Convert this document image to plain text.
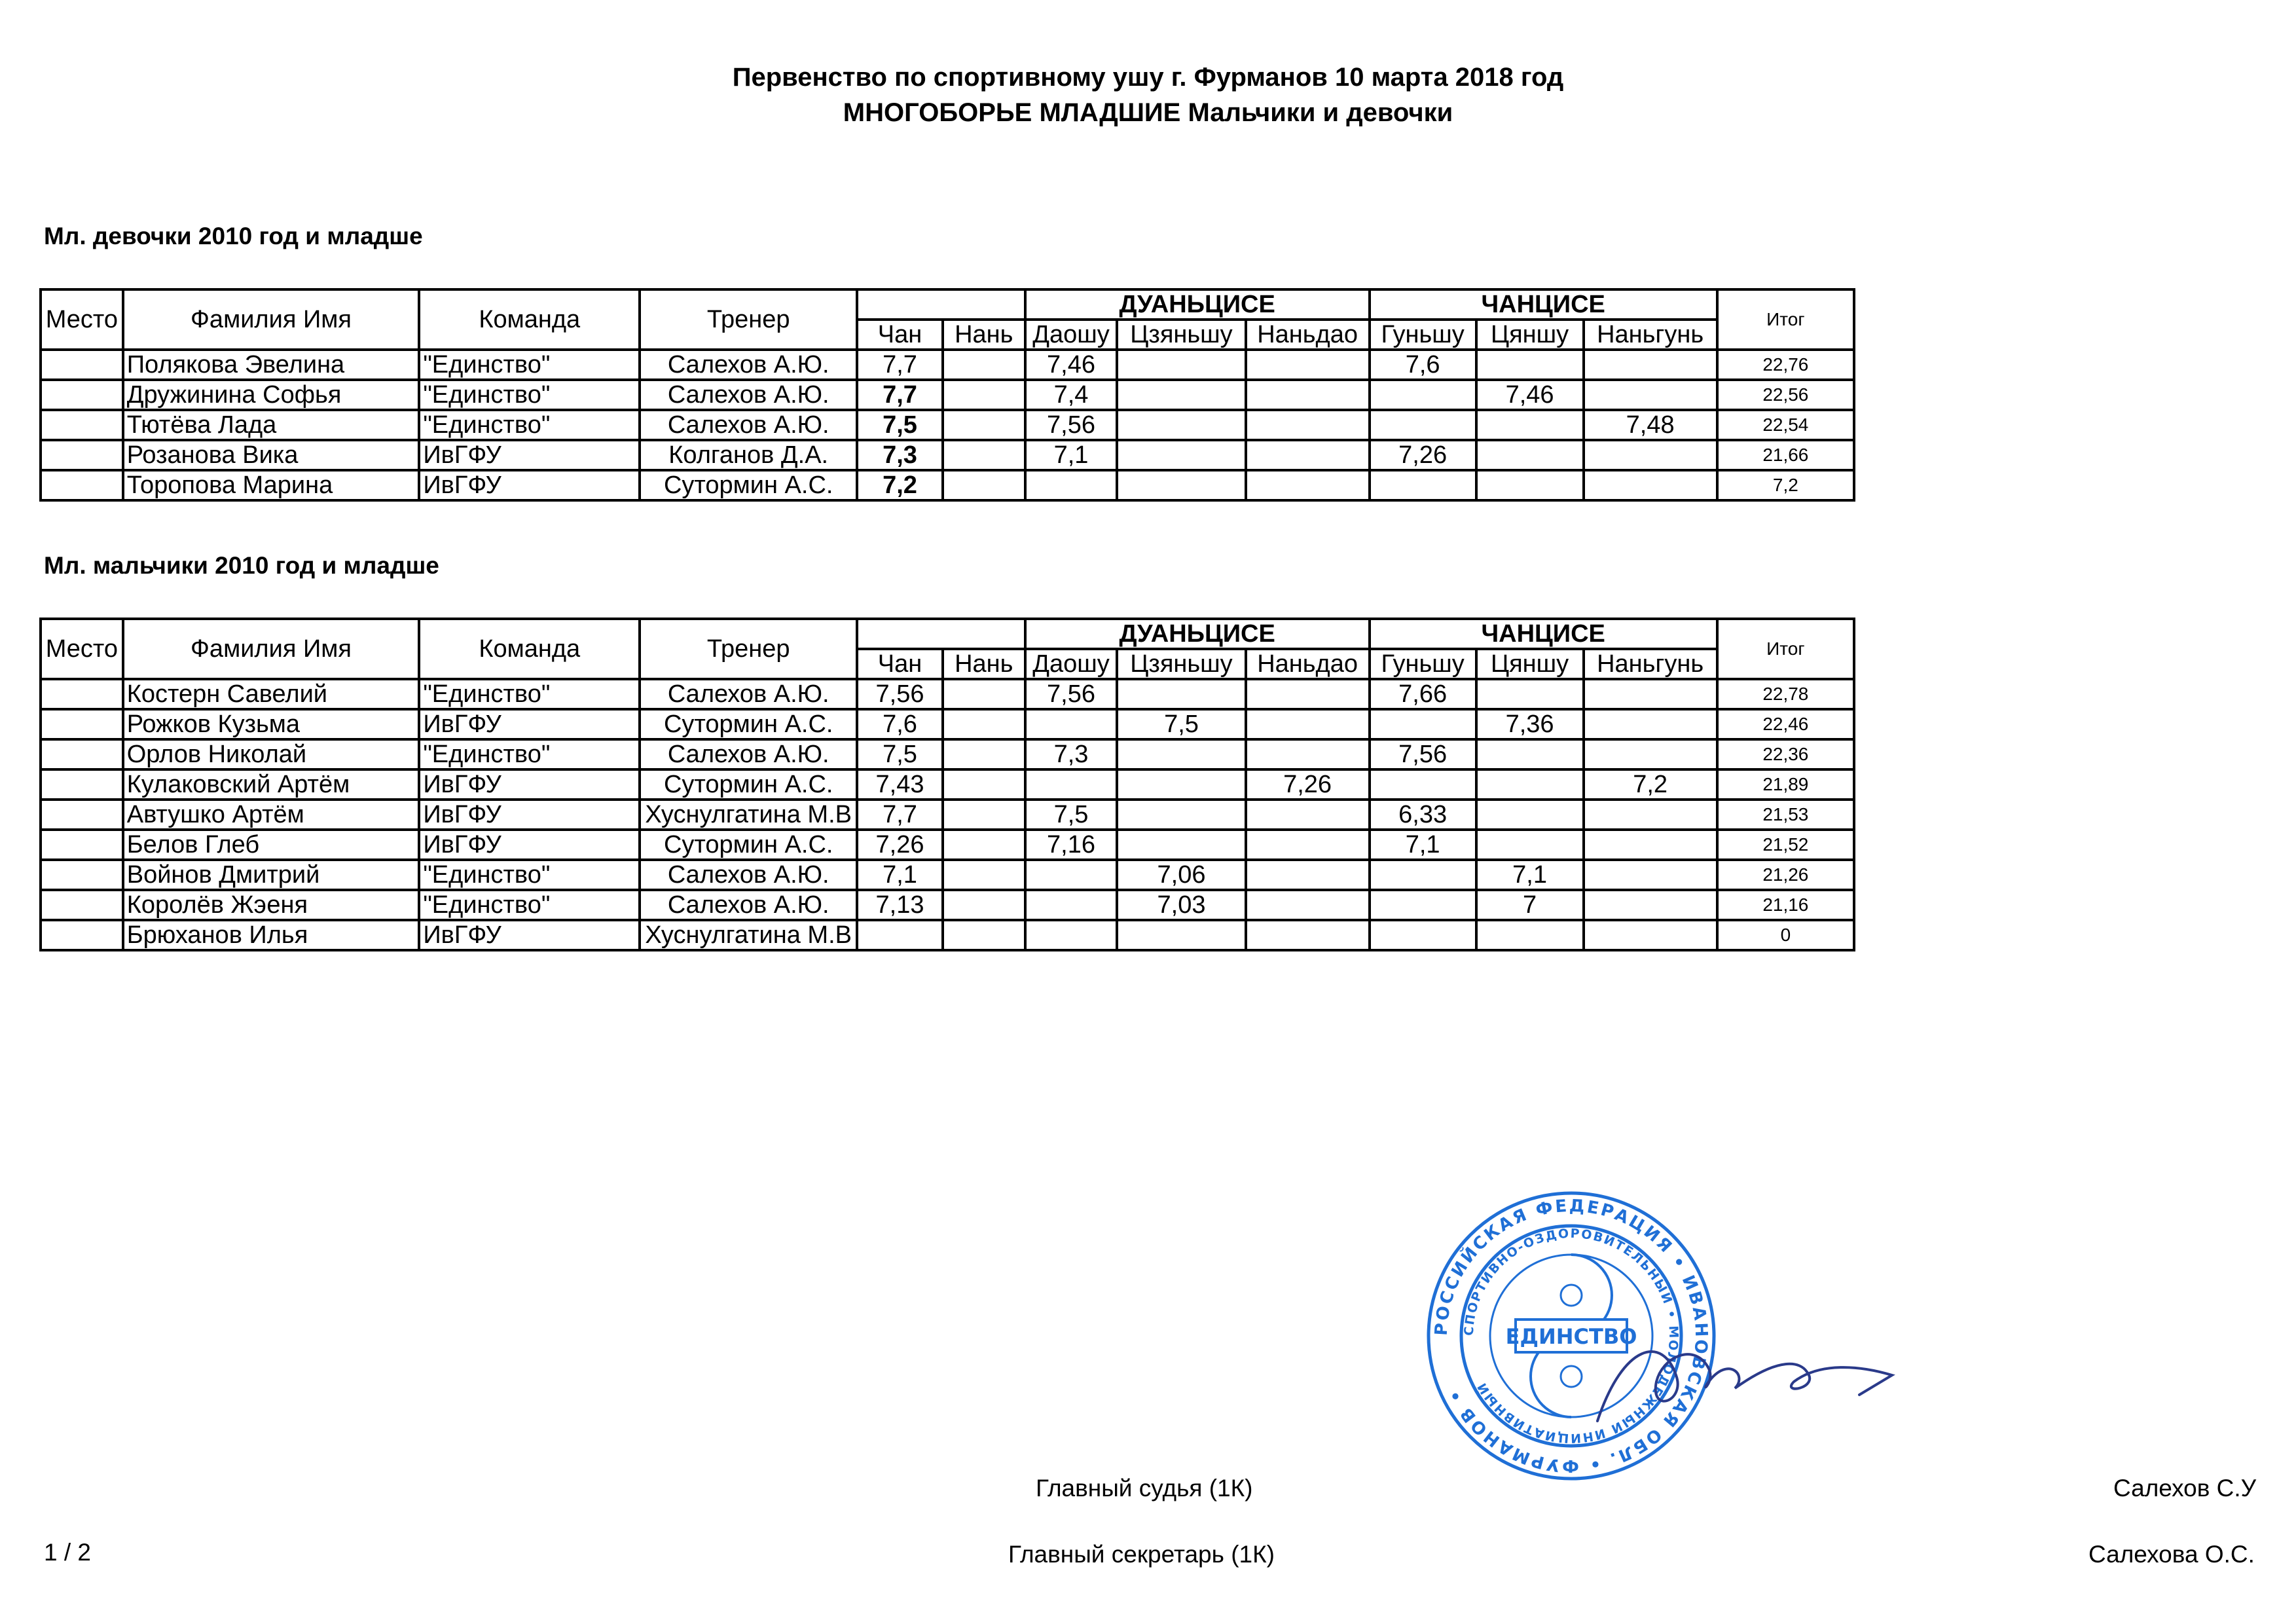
Первенство по спортивному ушу г. Фурманов 10 марта 2018 год
МНОГОБОРЬЕ МЛАДШИЕ Мальчики и девочки
Мл. девочки 2010 год и младше
Место	Фамилия Имя	Команда	Тренер			ДУАНЬЦИСЕ			ЧАНЦИСЕ			Итог
				Чан	Нань	Даошу	Цзяньшу	Наньдао	Гуньшу	Цяншу	Наньгунь	
	Полякова Эвелина	"Единство"	Салехов А.Ю.	7,7		7,46			7,6			22,76
	Дружинина Софья	"Единство"	Салехов А.Ю.	7,7		7,4				7,46		22,56
	Тютёва Лада	"Единство"	Салехов А.Ю.	7,5		7,56					7,48	22,54
	Розанова Вика	ИвГФУ	Колганов Д.А.	7,3		7,1			7,26			21,66
	Торопова Марина	ИвГФУ	Сутормин А.С.	7,2								7,2
Мл. мальчики 2010 год и младше
Место	Фамилия Имя	Команда	Тренер			ДУАНЬЦИСЕ			ЧАНЦИСЕ			Итог
				Чан	Нань	Даошу	Цзяньшу	Наньдао	Гуньшу	Цяншу	Наньгунь	
	Костерн Савелий	"Единство"	Салехов А.Ю.	7,56		7,56			7,66			22,78
	Рожков Кузьма	ИвГФУ	Сутормин А.С.	7,6			7,5			7,36		22,46
	Орлов Николай	"Единство"	Салехов А.Ю.	7,5		7,3			7,56			22,36
	Кулаковский Артём	ИвГФУ	Сутормин А.С.	7,43				7,26			7,2	21,89
	Автушко Артём	ИвГФУ	Хуснулгатина М.В	7,7		7,5			6,33			21,53
	Белов Глеб	ИвГФУ	Сутормин А.С.	7,26		7,16			7,1			21,52
	Войнов Дмитрий	"Единство"	Салехов А.Ю.	7,1			7,06			7,1		21,26
	Королёв Жэеня	"Единство"	Салехов А.Ю.	7,13			7,03			7		21,16
	Брюханов Илья	ИвГФУ	Хуснулгатина М.В									0
Главный судья (1К)	Салехов С.У
Главный секретарь (1К)	Салехова О.С.
1 / 2
РОССИЙСКАЯ ФЕДЕРАЦИЯ • ИВАНОВСКАЯ ОБЛ. • ФУРМАНОВ •
СПОРТИВНО-ОЗДОРОВИТЕЛЬНЫЙ • МОЛОДЕЖНЫЙ ИНИЦИАТИВНЫЙ
ЕДИНСТВО
